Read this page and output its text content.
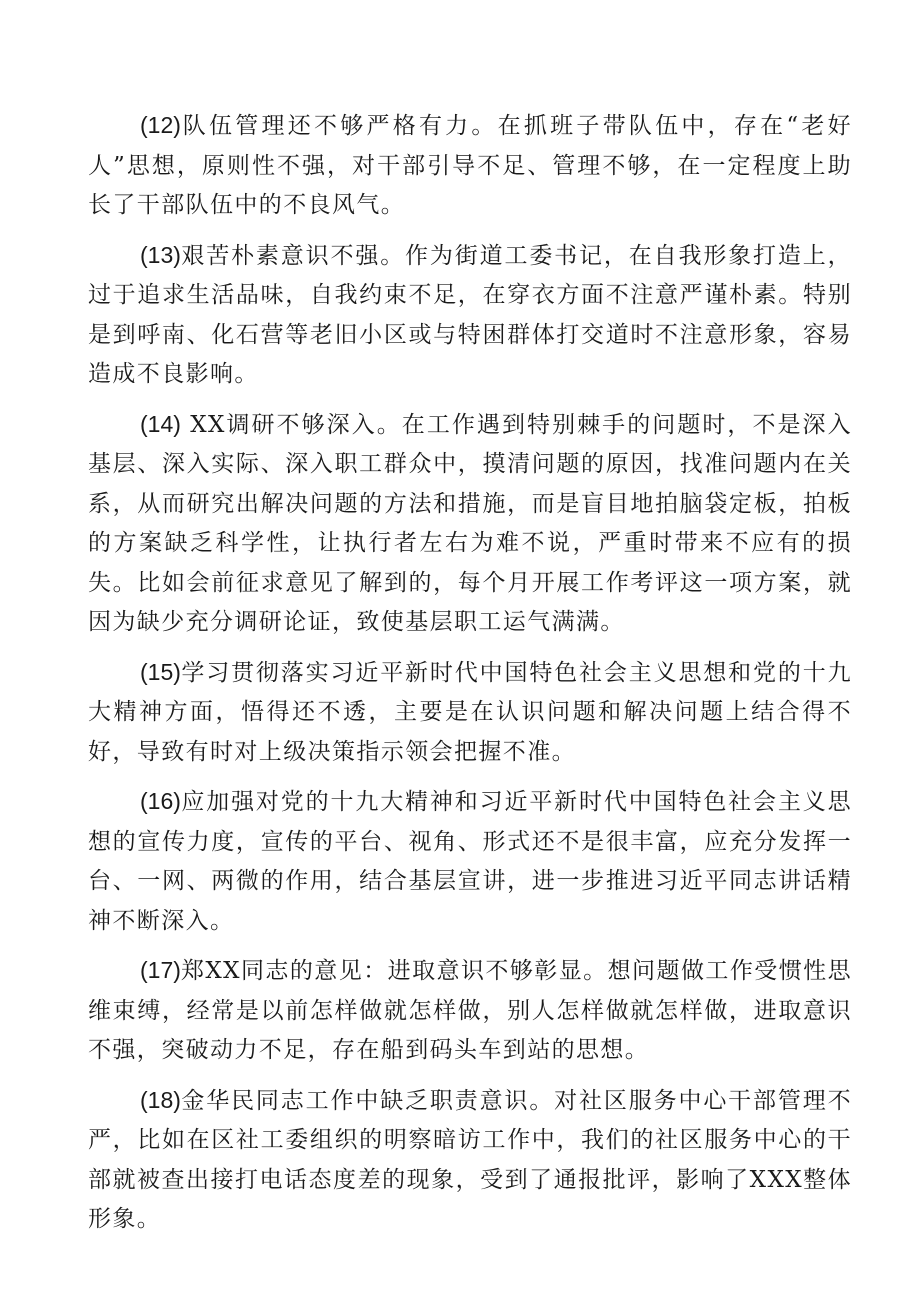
(12)队伍管理还不够严格有力。在抓班子带队伍中，存在“老好人”思想，原则性不强，对干部引导不足、管理不够，在一定程度上助长了干部队伍中的不良风气。

(13)艰苦朴素意识不强。作为街道工委书记，在自我形象打造上，过于追求生活品味，自我约束不足，在穿衣方面不注意严谨朴素。特别是到呼南、化石营等老旧小区或与特困群体打交道时不注意形象，容易造成不良影响。

(14) XX调研不够深入。在工作遇到特别棘手的问题时，不是深入基层、深入实际、深入职工群众中，摸清问题的原因，找准问题内在关系，从而研究出解决问题的方法和措施，而是盲目地拍脑袋定板，拍板的方案缺乏科学性，让执行者左右为难不说，严重时带来不应有的损失。比如会前征求意见了解到的，每个月开展工作考评这一项方案，就因为缺少充分调研论证，致使基层职工运气满满。

(15)学习贯彻落实习近平新时代中国特色社会主义思想和党的十九大精神方面，悟得还不透，主要是在认识问题和解决问题上结合得不好，导致有时对上级决策指示领会把握不准。

(16)应加强对党的十九大精神和习近平新时代中国特色社会主义思想的宣传力度，宣传的平台、视角、形式还不是很丰富，应充分发挥一台、一网、两微的作用，结合基层宣讲，进一步推进习近平同志讲话精神不断深入。

(17)郑XX同志的意见：进取意识不够彰显。想问题做工作受惯性思维束缚，经常是以前怎样做就怎样做，别人怎样做就怎样做，进取意识不强，突破动力不足，存在船到码头车到站的思想。

(18)金华民同志工作中缺乏职责意识。对社区服务中心干部管理不严，比如在区社工委组织的明察暗访工作中，我们的社区服务中心的干部就被查出接打电话态度差的现象，受到了通报批评，影响了XXX整体形象。
